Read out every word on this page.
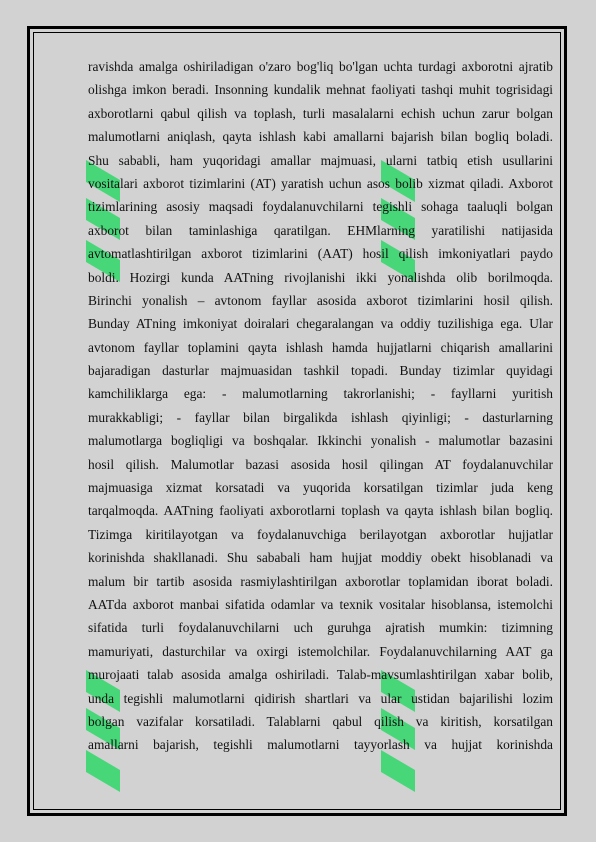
ravishda amalga oshiriladigan o'zaro bog'liq bo'lgan uchta turdagi axborotni ajratib
olishga imkon beradi. Insonning kundalik mehnat faoliyati tashqi muhit togrisidagi
axborotlarni qabul qilish va toplash, turli masalalarni echish uchun zarur bolgan
malumotlarni aniqlash, qayta ishlash kabi amallarni bajarish bilan bogliq boladi.
Shu sababli, ham yuqoridagi amallar majmuasi, ularni tatbiq etish usullarini
vositalari axborot tizimlarini (AT) yaratish uchun asos bolib xizmat qiladi. Axborot
tizimlarining asosiy maqsadi foydalanuvchilarni tegishli sohaga taaluqli bolgan
axborot bilan taminlashiga qaratilgan. EHMlarning yaratilishi natijasida
avtomatlashtirilgan axborot tizimlarini (AAT) hosil qilish imkoniyatlari paydo
boldi. Hozirgi kunda AATning rivojlanishi ikki yonalishda olib borilmoqda.
Birinchi yonalish – avtonom fayllar asosida axborot tizimlarini hosil qilish.
Bunday ATning imkoniyat doiralari chegaralangan va oddiy tuzilishiga ega. Ular
avtonom fayllar toplamini qayta ishlash hamda hujjatlarni chiqarish amallarini
bajaradigan dasturlar majmuasidan tashkil topadi. Bunday tizimlar quyidagi
kamchiliklarga ega: - malumotlarning takrorlanishi; - fayllarni yuritish
murakkabligi; - fayllar bilan birgalikda ishlash qiyinligi; - dasturlarning
malumotlarga bogliqligi va boshqalar. Ikkinchi yonalish - malumotlar bazasini
hosil qilish. Malumotlar bazasi asosida hosil qilingan AT foydalanuvchilar
majmuasiga xizmat korsatadi va yuqorida korsatilgan tizimlar juda keng
tarqalmoqda. AATning faoliyati axborotlarni toplash va qayta ishlash bilan bogliq.
Tizimga kiritilayotgan va foydalanuvchiga berilayotgan axborotlar hujjatlar
korinishda shakllanadi. Shu sababali ham hujjat moddiy obekt hisoblanadi va
malum bir tartib asosida rasmiylashtirilgan axborotlar toplamidan iborat boladi.
AATda axborot manbai sifatida odamlar va texnik vositalar hisoblansa, istemolchi
sifatida turli foydalanuvchilarni uch guruhga ajratish mumkin: tizimning
mamuriyati, dasturchilar va oxirgi istemolchilar. Foydalanuvchilarning AAT ga
murojaati talab asosida amalga oshiriladi. Talab-mavsumlashtirilgan xabar bolib,
unda tegishli malumotlarni qidirish shartlari va ular ustidan bajarilishi lozim
bolgan vazifalar korsatiladi. Talablarni qabul qilish va kiritish, korsatilgan
amallarni bajarish, tegishli malumotlarni tayyorlash va hujjat korinishda
